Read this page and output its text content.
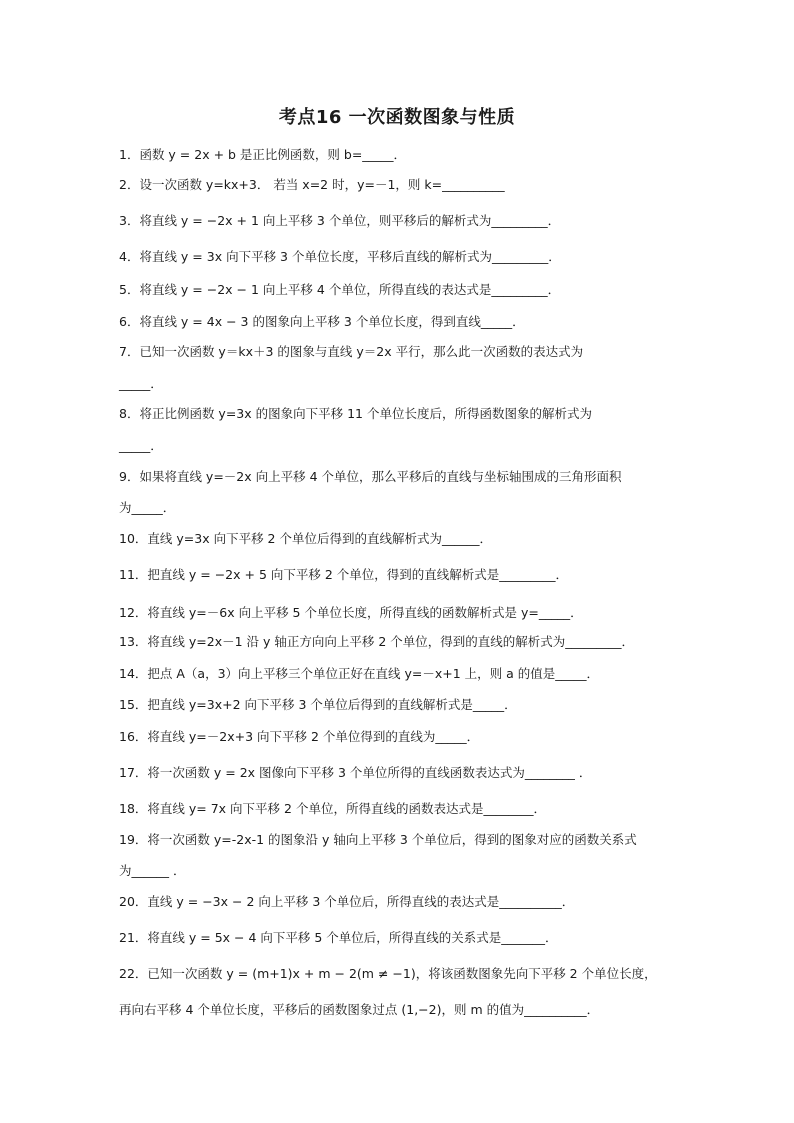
考点16 一次函数图象与性质
1．函数 y = 2x + b 是正比例函数，则 b=_____．
2．设一次函数 y=kx+3． 若当 x=2 时，y=－1，则 k=__________
3．将直线 y = −2x + 1 向上平移 3 个单位，则平移后的解析式为_________．
4．将直线 y = 3x 向下平移 3 个单位长度，平移后直线的解析式为_________．
5．将直线 y = −2x − 1 向上平移 4 个单位，所得直线的表达式是_________．
6．将直线 y = 4x − 3 的图象向上平移 3 个单位长度，得到直线_____．
7．已知一次函数 y＝kx＋3 的图象与直线 y＝2x 平行，那么此一次函数的表达式为
_____．
8．将正比例函数 y=3x 的图象向下平移 11 个单位长度后，所得函数图象的解析式为
_____．
9．如果将直线 y=－2x 向上平移 4 个单位，那么平移后的直线与坐标轴围成的三角形面积
为_____．
10．直线 y=3x 向下平移 2 个单位后得到的直线解析式为______．
11．把直线 y = −2x + 5 向下平移 2 个单位，得到的直线解析式是_________．
12．将直线 y=－6x 向上平移 5 个单位长度，所得直线的函数解析式是 y=_____．
13．将直线 y=2x－1 沿 y 轴正方向向上平移 2 个单位，得到的直线的解析式为_________．
14．把点 A（a，3）向上平移三个单位正好在直线 y=－x+1 上，则 a 的值是_____．
15．把直线 y=3x+2 向下平移 3 个单位后得到的直线解析式是_____．
16．将直线 y=－2x+3 向下平移 2 个单位得到的直线为_____．
17．将一次函数 y = 2x 图像向下平移 3 个单位所得的直线函数表达式为________ ．
18．将直线 y= 7x 向下平移 2 个单位，所得直线的函数表达式是________．
19．将一次函数 y=-2x-1 的图象沿 y 轴向上平移 3 个单位后，得到的图象对应的函数关系式
为______ ．
20．直线 y = −3x − 2 向上平移 3 个单位后，所得直线的表达式是__________．
21．将直线 y = 5x − 4 向下平移 5 个单位后，所得直线的关系式是_______．
22．已知一次函数 y = (m+1)x + m − 2(m ≠ −1)，将该函数图象先向下平移 2 个单位长度，
再向右平移 4 个单位长度，平移后的函数图象过点 (1,−2)，则 m 的值为__________．
